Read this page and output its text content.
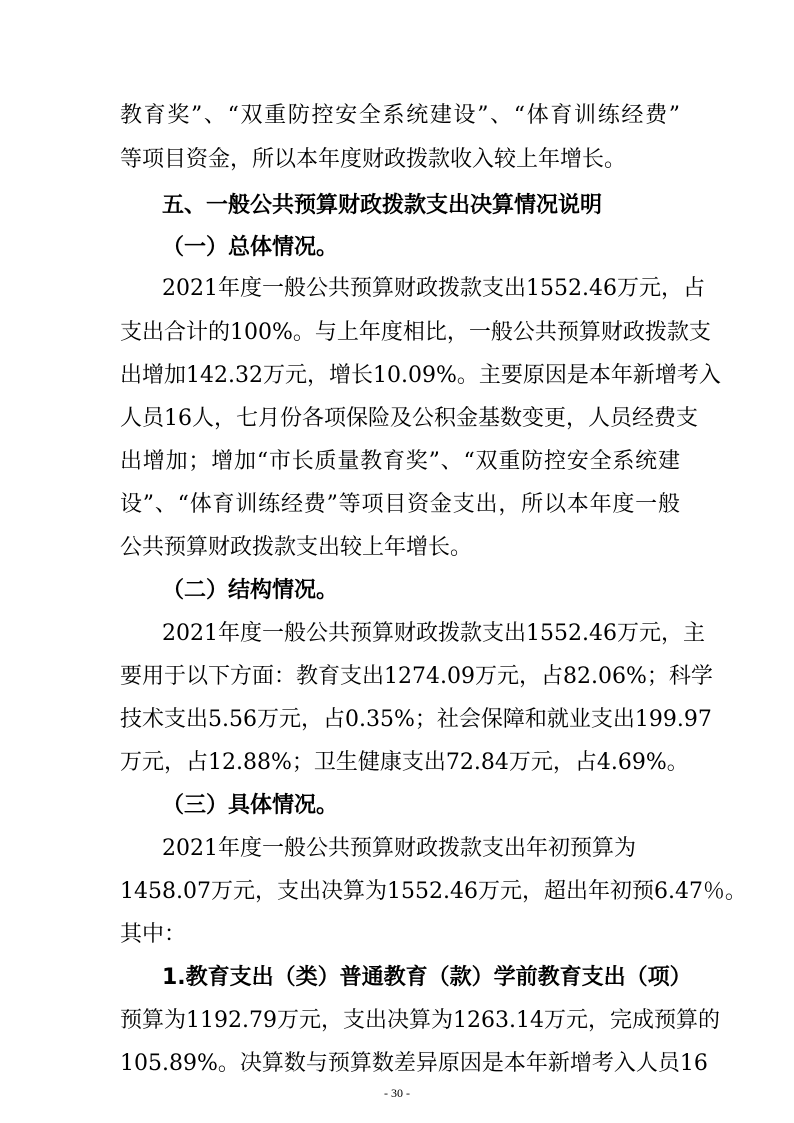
教育奖”、“双重防控安全系统建设”、“体育训练经费”
等项目资金，所以本年度财政拨款收入较上年增长。
五、一般公共预算财政拨款支出决算情况说明
（一）总体情况。
2021年度一般公共预算财政拨款支出1552.46万元，占
支出合计的100%。与上年度相比，一般公共预算财政拨款支
出增加142.32万元，增长10.09%。主要原因是本年新增考入
人员16人，七月份各项保险及公积金基数变更，人员经费支
出增加；增加“市长质量教育奖”、“双重防控安全系统建
设”、“体育训练经费”等项目资金支出，所以本年度一般
公共预算财政拨款支出较上年增长。
（二）结构情况。
2021年度一般公共预算财政拨款支出1552.46万元，主
要用于以下方面：教育支出1274.09万元，占82.06%；科学
技术支出5.56万元，占0.35%；社会保障和就业支出199.97
万元，占12.88%；卫生健康支出72.84万元，占4.69%。
（三）具体情况。
2021年度一般公共预算财政拨款支出年初预算为
1458.07万元，支出决算为1552.46万元，超出年初预6.47％。
其中：
1.教育支出（类）普通教育（款）学前教育支出（项）
预算为1192.79万元，支出决算为1263.14万元，完成预算的
105.89%。决算数与预算数差异原因是本年新增考入人员16
- 30 -
